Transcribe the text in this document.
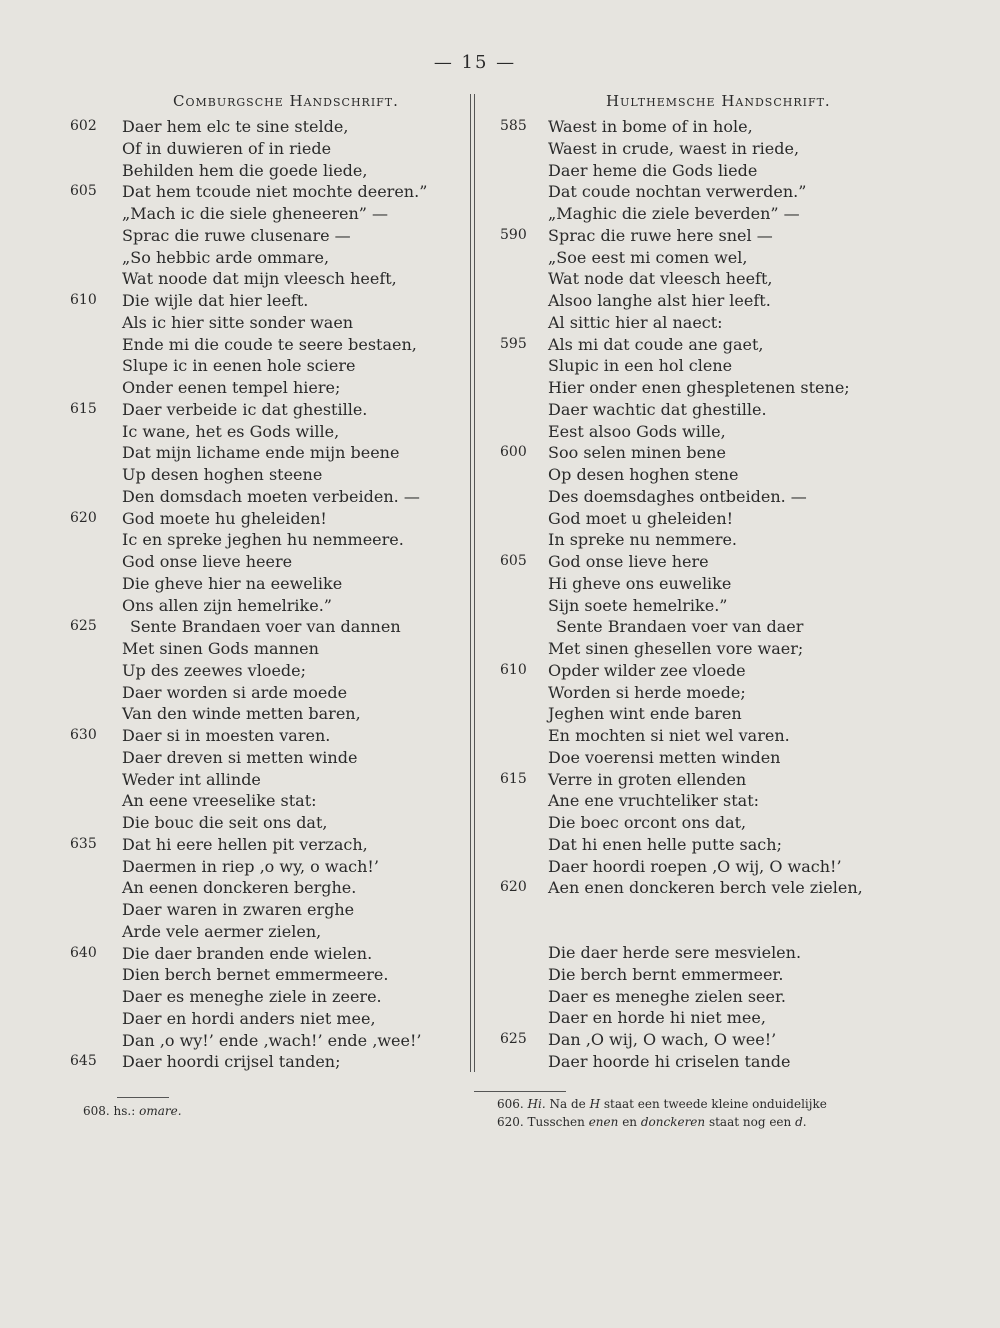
— 15 —
Comburgsche Handschrift.
602 Daer hem elc te sine stelde,
Of in duwieren of in riede
Behilden hem die goede liede,
605 Dat hem tcoude niet mochte deeren.”
„Mach ic die siele gheneeren” —
Sprac die ruwe clusenare —
„So hebbic arde ommare,
Wat noode dat mijn vleesch heeft,
610 Die wijle dat hier leeft.
Als ic hier sitte sonder waen
Ende mi die coude te seere bestaen,
Slupe ic in eenen hole sciere
Onder eenen tempel hiere;
615 Daer verbeide ic dat ghestille.
Ic wane, het es Gods wille,
Dat mijn lichame ende mijn beene
Up desen hoghen steene
Den domsdach moeten verbeiden. —
620 God moete hu gheleiden!
Ic en spreke jeghen hu nemmeere.
God onse lieve heere
Die gheve hier na eewelike
Ons allen zijn hemelrike.”
625 Sente Brandaen voer van dannen
Met sinen Gods mannen
Up des zeewes vloede;
Daer worden si arde moede
Van den winde metten baren,
630 Daer si in moesten varen.
Daer dreven si metten winde
Weder int allinde
An eene vreeselike stat:
Die bouc die seit ons dat,
635 Dat hi eere hellen pit verzach,
Daermen in riep ‚o wy, o wach!’
An eenen donckeren berghe.
Daer waren in zwaren erghe
Arde vele aermer zielen,
640 Die daer branden ende wielen.
Dien berch bernet emmermeere.
Daer es meneghe ziele in zeere.
Daer en hordi anders niet mee,
Dan ‚o wy!’ ende ‚wach!’ ende ‚wee!’
645 Daer hoordi crijsel tanden;
Hulthemsche Handschrift.
585 Waest in bome of in hole,
Waest in crude, waest in riede,
Daer heme die Gods liede
Dat coude nochtan verwerden.”
„Maghic die ziele beverden” —
590 Sprac die ruwe here snel —
„Soe eest mi comen wel,
Wat node dat vleesch heeft,
Alsoo langhe alst hier leeft.
Al sittic hier al naect:
595 Als mi dat coude ane gaet,
Slupic in een hol clene
Hier onder enen ghespletenen stene;
Daer wachtic dat ghestille.
Eest alsoo Gods wille,
600 Soo selen minen bene
Op desen hoghen stene
Des doemsdaghes ontbeiden. —
God moet u gheleiden!
In spreke nu nemmere.
605 God onse lieve here
Hi gheve ons euwelike
Sijn soete hemelrike.”
Sente Brandaen voer van daer
Met sinen ghesellen vore waer;
610 Opder wilder zee vloede
Worden si herde moede;
Jeghen wint ende baren
En mochten si niet wel varen.
Doe voerensi metten winden
615 Verre in groten ellenden
Ane ene vruchteliker stat:
Die boec orcont ons dat,
Dat hi enen helle putte sach;
Daer hoordi roepen ‚O wij, O wach!’
620 Aen enen donckeren berch vele zielen,
Die daer herde sere mesvielen.
Die berch bernt emmermeer.
Daer es meneghe zielen seer.
Daer en horde hi niet mee,
625 Dan ‚O wij, O wach, O wee!’
Daer hoorde hi criselen tande
608. hs.: omare.	606. Hi. Na de H staat een tweede kleine onduidelijke
620. Tusschen enen en donckeren staat nog een d.
